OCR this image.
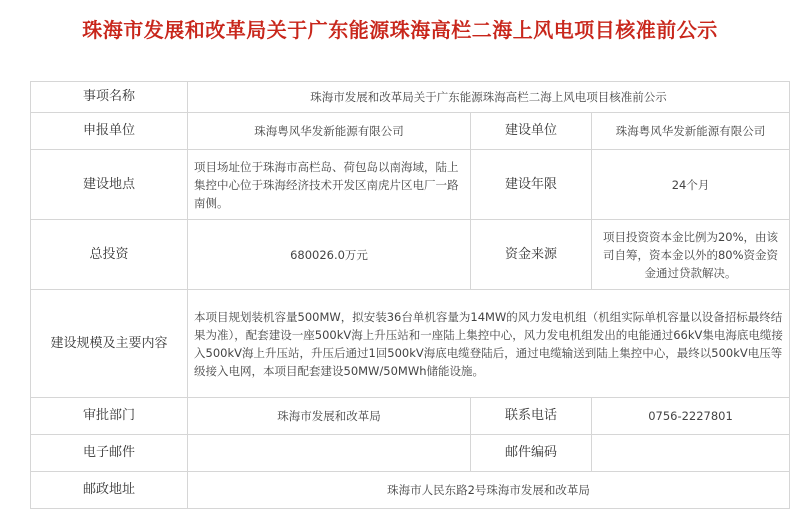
珠海市发展和改革局关于广东能源珠海高栏二海上风电项目核准前公示
事项名称	珠海市发展和改革局关于广东能源珠海高栏二海上风电项目核准前公示		
申报单位	珠海粤风华发新能源有限公司	建设单位	珠海粤风华发新能源有限公司
建设地点	项目场址位于珠海市高栏岛、荷包岛以南海域，陆上集控中心位于珠海经济技术开发区南虎片区电厂一路南侧。	建设年限	24个月
总投资	680026.0万元	资金来源	项目投资资本金比例为20%，由该司自筹，资本金以外的80%资金资金通过贷款解决。
建设规模及主要内容	本项目规划装机容量500MW，拟安装36台单机容量为14MW的风力发电机组（机组实际单机容量以设备招标最终结果为准），配套建设一座500kV海上升压站和一座陆上集控中心，风力发电机组发出的电能通过66kV集电海底电缆接入500kV海上升压站，升压后通过1回500kV海底电缆登陆后，通过电缆输送到陆上集控中心，最终以500kV电压等级接入电网，本项目配套建设50MW/50MWh储能设施。		
审批部门	珠海市发展和改革局	联系电话	0756-2227801
电子邮件		邮件编码	
邮政地址	珠海市人民东路2号珠海市发展和改革局		
